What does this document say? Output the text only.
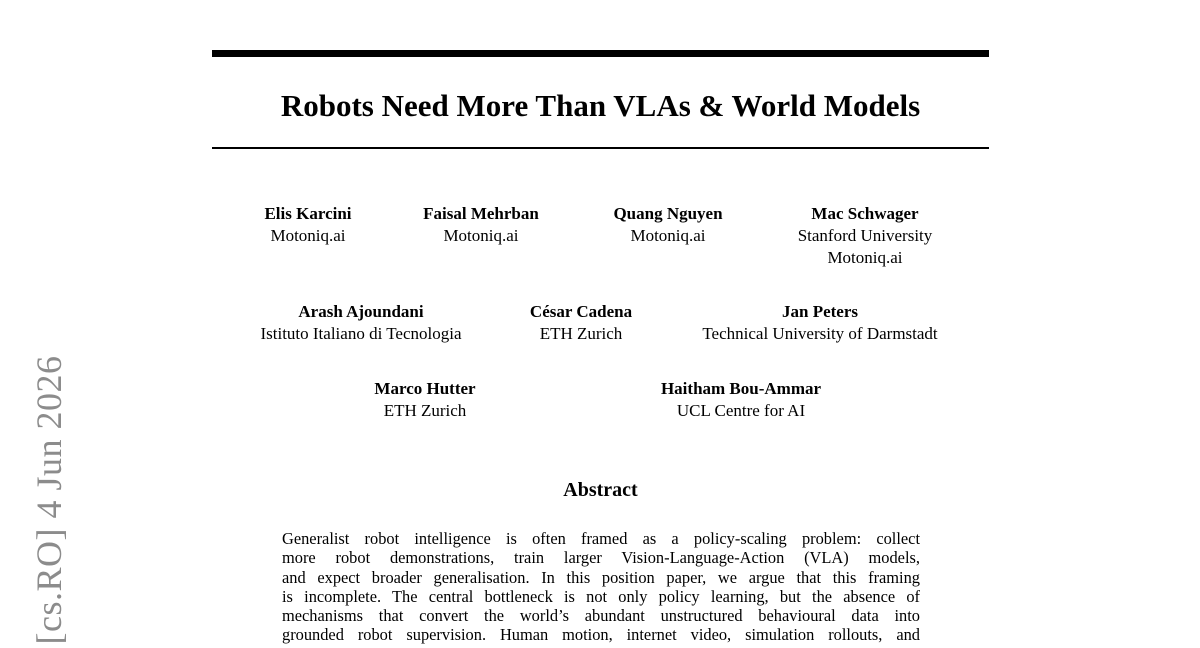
[cs.RO] 4 Jun 2026
Robots Need More Than VLAs & World Models
Elis Karcini
Motoniq.ai
Faisal Mehrban
Motoniq.ai
Quang Nguyen
Motoniq.ai
Mac Schwager
Stanford University
Motoniq.ai
Arash Ajoundani
Istituto Italiano di Tecnologia
César Cadena
ETH Zurich
Jan Peters
Technical University of Darmstadt
Marco Hutter
ETH Zurich
Haitham Bou-Ammar
UCL Centre for AI
Abstract
Generalist robot intelligence is often framed as a policy-scaling problem: collect
more robot demonstrations, train larger Vision-Language-Action (VLA) models,
and expect broader generalisation. In this position paper, we argue that this framing
is incomplete. The central bottleneck is not only policy learning, but the absence of
mechanisms that convert the world’s abundant unstructured behavioural data into
grounded robot supervision. Human motion, internet video, simulation rollouts, and
